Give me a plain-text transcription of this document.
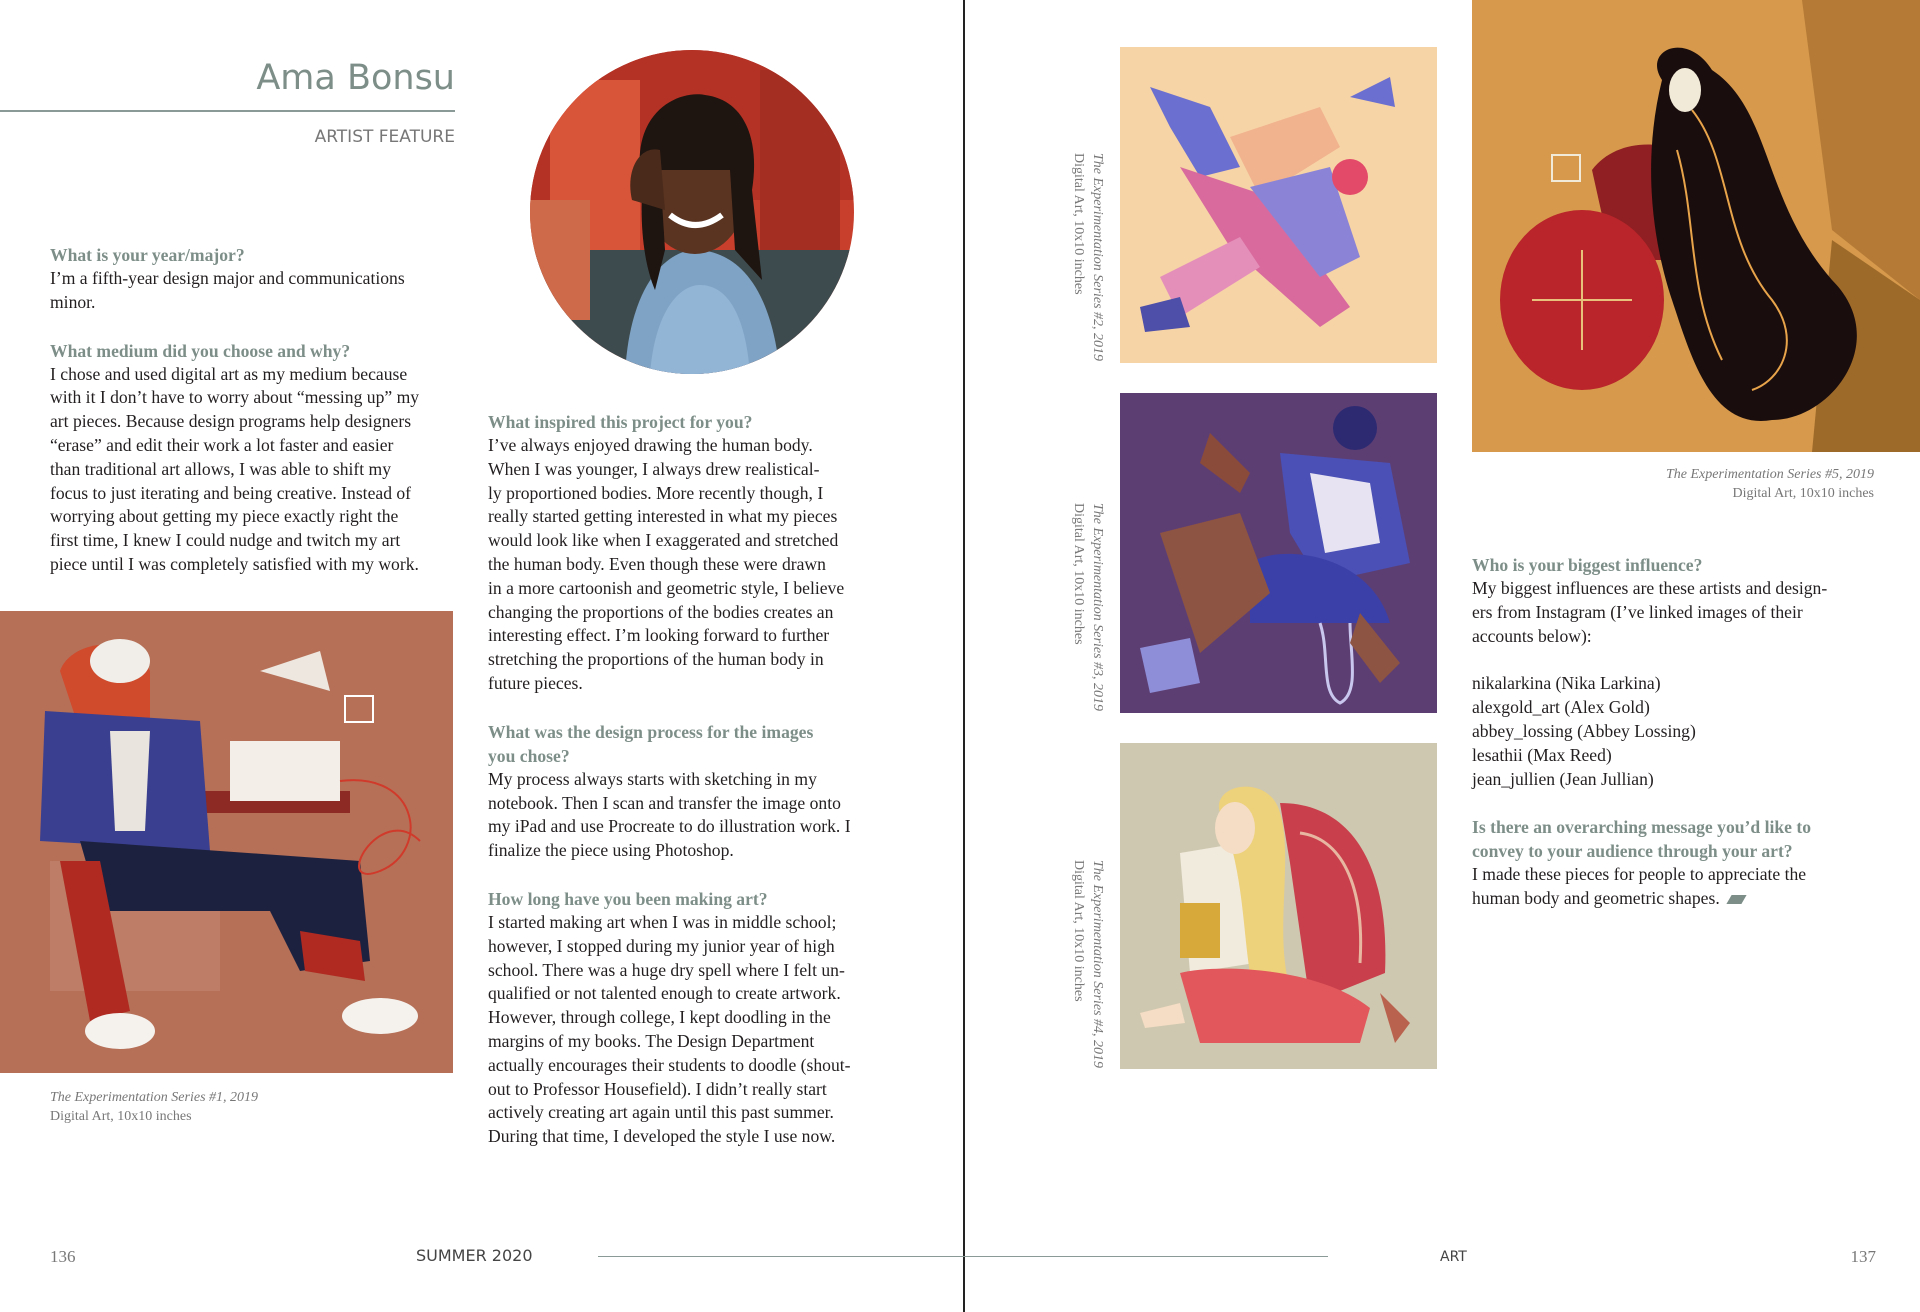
Ama Bonsu
ARTIST FEATURE

What is your year/major?

I’m a fifth-year design major and communications
minor.

What medium did you choose and why?

I chose and used digital art as my medium because
with it I don’t have to worry about “messing up” my
art pieces. Because design programs help designers
“erase” and edit their work a lot faster and easier
than traditional art allows, I was able to shift my
focus to just iterating and being creative. Instead of
worrying about getting my piece exactly right the
first time, I knew I could nudge and twitch my art
piece until I was completely satisfied with my work.

The Experimentation Series #1, 2019
Digital Art, 10x10 inches

What inspired this project for you?

I’ve always enjoyed drawing the human body.
When I was younger, I always drew realistical-
ly proportioned bodies. More recently though, I
really started getting interested in what my pieces
would look like when I exaggerated and stretched
the human body. Even though these were drawn
in a more cartoonish and geometric style, I believe
changing the proportions of the bodies creates an
interesting effect. I’m looking forward to further
stretching the proportions of the human body in
future pieces.

What was the design process for the images
you chose?

My process always starts with sketching in my
notebook. Then I scan and transfer the image onto
my iPad and use Procreate to do illustration work. I
finalize the piece using Photoshop.

How long have you been making art?

I started making art when I was in middle school;
however, I stopped during my junior year of high
school. There was a huge dry spell where I felt un-
qualified or not talented enough to create artwork.
However, through college, I kept doodling in the
margins of my books. The Design Department
actually encourages their students to doodle (shout-
out to Professor Housefield). I didn’t really start
actively creating art again until this past summer.
During that time, I developed the style I use now.

The Experimentation Series #2, 2019
Digital Art, 10x10 inches
The Experimentation Series #3, 2019
Digital Art, 10x10 inches
The Experimentation Series #4, 2019
Digital Art, 10x10 inches
The Experimentation Series #5, 2019
Digital Art, 10x10 inches

Who is your biggest influence?

My biggest influences are these artists and design-
ers from Instagram (I’ve linked images of their
accounts below):

nikalarkina (Nika Larkina)

alexgold_art (Alex Gold)

abbey_lossing (Abbey Lossing)

lesathii (Max Reed)

jean_jullien (Jean Jullian)

Is there an overarching message you’d like to
convey to your audience through your art?

I made these pieces for people to appreciate the
human body and geometric shapes.

136	SUMMER 2020	ART	137
